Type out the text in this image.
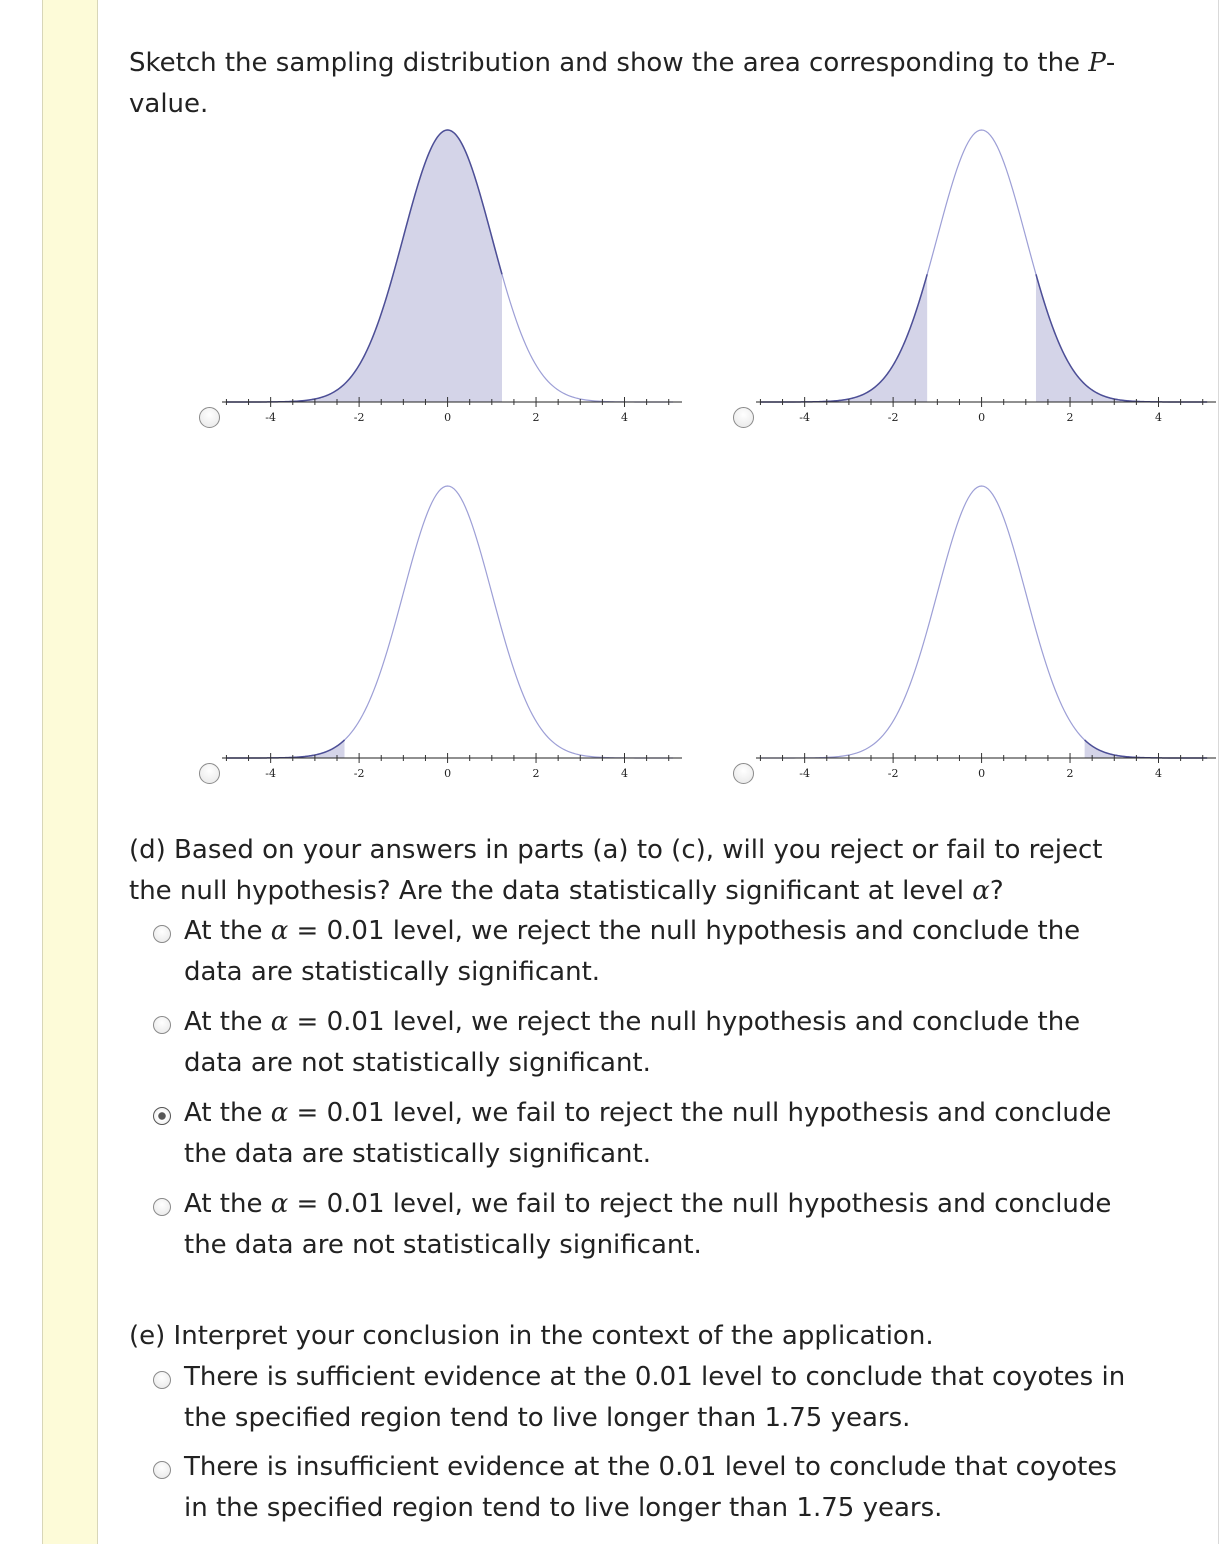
Sketch the sampling distribution and show the area corresponding to the P-value.
-4	-2	0	2	4	-4	-2	0	2	4
-4	-2	0	2	4	-4	-2	0	2	4
(d) Based on your answers in parts (a) to (c), will you reject or fail to reject
the null hypothesis? Are the data statistically significant at level α?
At the α = 0.01 level, we reject the null hypothesis and conclude the
data are statistically significant.
At the α = 0.01 level, we reject the null hypothesis and conclude the
data are not statistically significant.
At the α = 0.01 level, we fail to reject the null hypothesis and conclude
the data are statistically significant.
At the α = 0.01 level, we fail to reject the null hypothesis and conclude
the data are not statistically significant.
(e) Interpret your conclusion in the context of the application.
There is sufficient evidence at the 0.01 level to conclude that coyotes in
the specified region tend to live longer than 1.75 years.
There is insufficient evidence at the 0.01 level to conclude that coyotes
in the specified region tend to live longer than 1.75 years.
